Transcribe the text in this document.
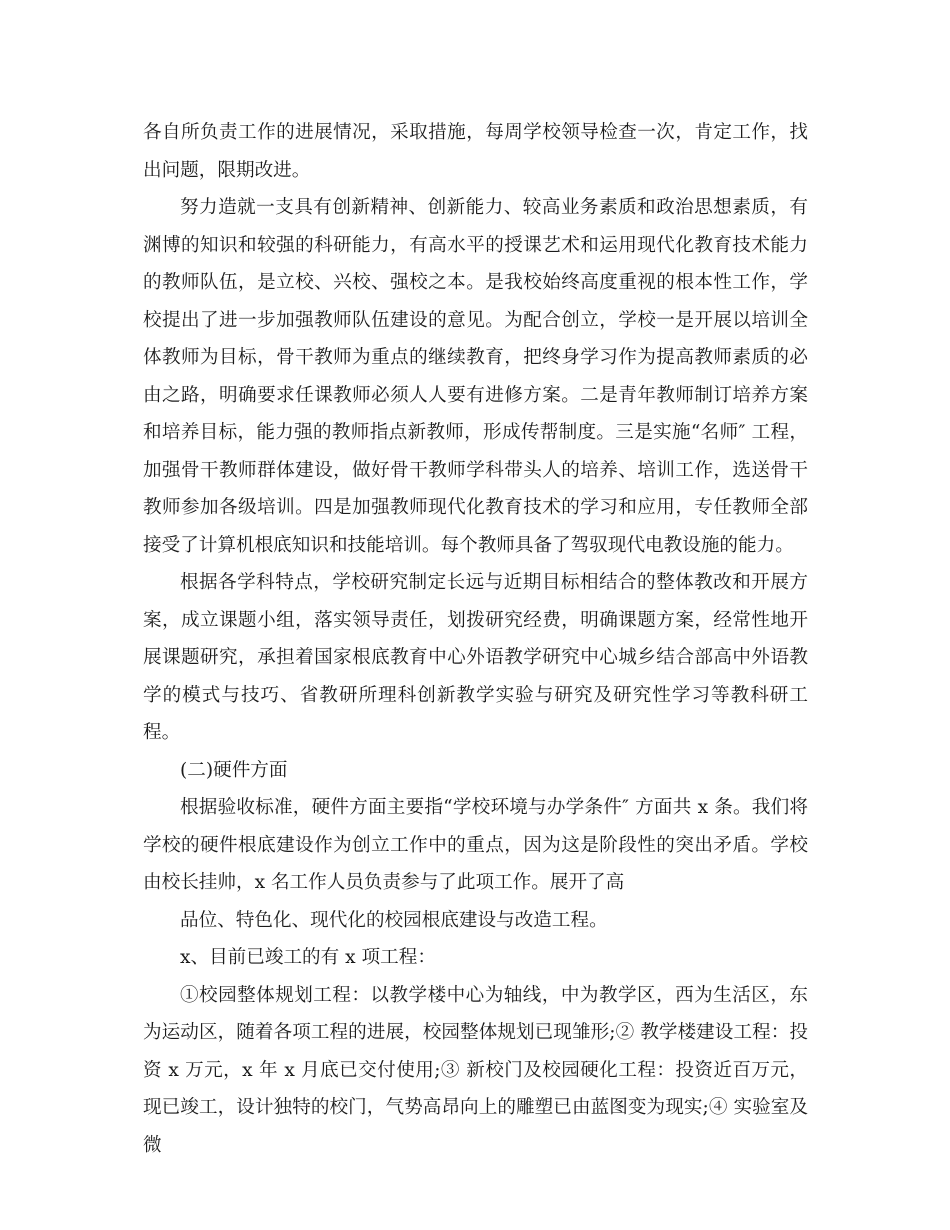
各自所负责工作的进展情况，采取措施，每周学校领导检查一次，肯定工作，找出问题，限期改进。

努力造就一支具有创新精神、创新能力、较高业务素质和政治思想素质，有渊博的知识和较强的科研能力，有高水平的授课艺术和运用现代化教育技术能力的教师队伍，是立校、兴校、强校之本。是我校始终高度重视的根本性工作，学校提出了进一步加强教师队伍建设的意见。为配合创立，学校一是开展以培训全体教师为目标，骨干教师为重点的继续教育，把终身学习作为提高教师素质的必由之路，明确要求任课教师必须人人要有进修方案。二是青年教师制订培养方案和培养目标，能力强的教师指点新教师，形成传帮制度。三是实施“名师″ 工程，加强骨干教师群体建设，做好骨干教师学科带头人的培养、培训工作，选送骨干教师参加各级培训。四是加强教师现代化教育技术的学习和应用，专任教师全部接受了计算机根底知识和技能培训。每个教师具备了驾驭现代电教设施的能力。

根据各学科特点，学校研究制定长远与近期目标相结合的整体教改和开展方案，成立课题小组，落实领导责任，划拨研究经费，明确课题方案，经常性地开展课题研究，承担着国家根底教育中心外语教学研究中心城乡结合部高中外语教学的模式与技巧、省教研所理科创新教学实验与研究及研究性学习等教科研工程。

(二)硬件方面

根据验收标准，硬件方面主要指“学校环境与办学条件″ 方面共 x 条。我们将学校的硬件根底建设作为创立工作中的重点，因为这是阶段性的突出矛盾。学校由校长挂帅，x 名工作人员负责参与了此项工作。展开了高

品位、特色化、现代化的校园根底建设与改造工程。

x、目前已竣工的有 x 项工程：

①校园整体规划工程：以教学楼中心为轴线，中为教学区，西为生活区，东为运动区，随着各项工程的进展，校园整体规划已现雏形;② 教学楼建设工程：投资 x 万元，x 年 x 月底已交付使用;③ 新校门及校园硬化工程：投资近百万元，现已竣工，设计独特的校门，气势高昂向上的雕塑已由蓝图变为现实;④ 实验室及微
